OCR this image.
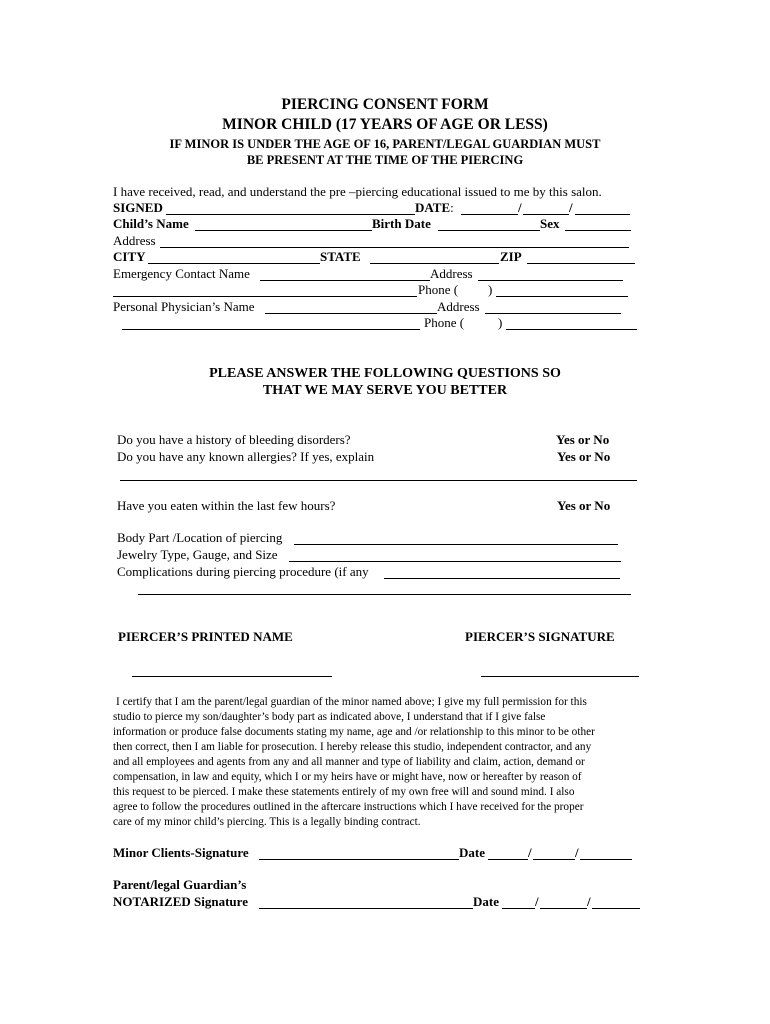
PIERCING CONSENT FORM
MINOR CHILD (17 YEARS OF AGE OR LESS)
IF MINOR IS UNDER THE AGE OF 16, PARENT/LEGAL GUARDIAN MUST
BE PRESENT AT THE TIME OF THE PIERCING
I have received, read, and understand the pre –piercing educational issued to me by this salon.
SIGNED	DATE:	/	/
Child’s Name	Birth Date	Sex
Address
CITY	STATE	ZIP
Emergency Contact Name	Address
Phone ( )
Personal Physician’s Name	Address
Phone (	)
PLEASE ANSWER THE FOLLOWING QUESTIONS SO
THAT WE MAY SERVE YOU BETTER
Do you have a history of bleeding disorders?	Yes or No
Do you have any known allergies? If yes, explain	Yes or No
Have you eaten within the last few hours?	Yes or No
Body Part /Location of piercing
Jewelry Type, Gauge, and Size
Complications during piercing procedure (if any
PIERCER’S PRINTED NAME	PIERCER’S SIGNATURE
I certify that I am the parent/legal guardian of the minor named above; I give my full permission for this
studio to pierce my son/daughter’s body part as indicated above, I understand that if I give false
information or produce false documents stating my name, age and /or relationship to this minor to be other
then correct, then I am liable for prosecution. I hereby release this studio, independent contractor, and any
and all employees and agents from any and all manner and type of liability and claim, action, demand or
compensation, in law and equity, which I or my heirs have or might have, now or hereafter by reason of
this request to be pierced. I make these statements entirely of my own free will and sound mind. I also
agree to follow the procedures outlined in the aftercare instructions which I have received for the proper
care of my minor child’s piercing. This is a legally binding contract.
Minor Clients-Signature	Date	/	/
Parent/legal Guardian’s
NOTARIZED Signature	Date	/	/
